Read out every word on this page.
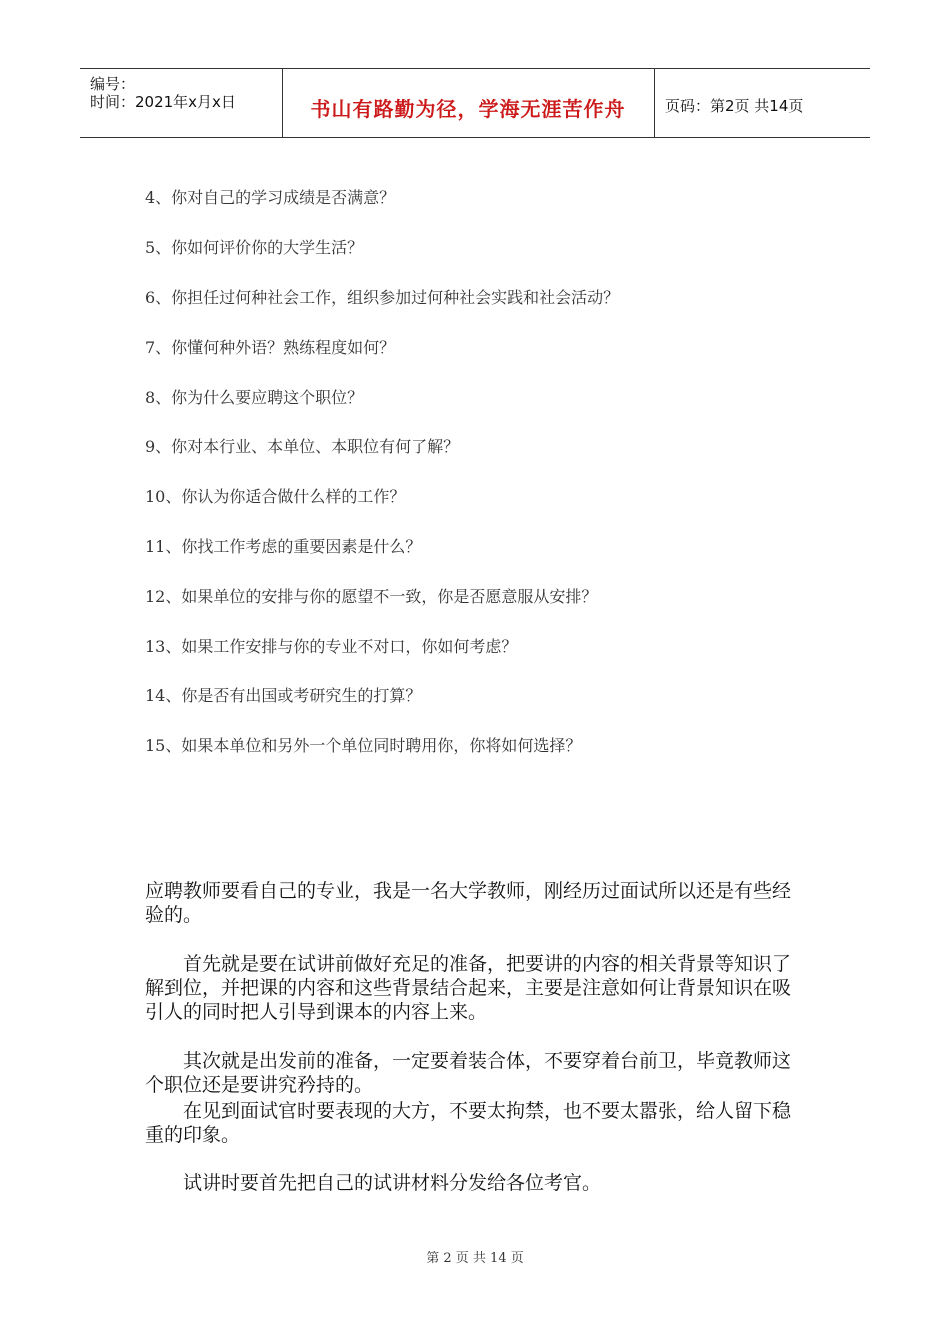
编号：
时间：2021年x月x日	书山有路勤为径，学海无涯苦作舟	页码：第2页 共14页
4、你对自己的学习成绩是否满意？
5、你如何评价你的大学生活？
6、你担任过何种社会工作，组织参加过何种社会实践和社会活动？
7、你懂何种外语？熟练程度如何？
8、你为什么要应聘这个职位？
9、你对本行业、本单位、本职位有何了解？
10、你认为你适合做什么样的工作？
11、你找工作考虑的重要因素是什么？
12、如果单位的安排与你的愿望不一致，你是否愿意服从安排？
13、如果工作安排与你的专业不对口，你如何考虑？
14、你是否有出国或考研究生的打算？
15、如果本单位和另外一个单位同时聘用你，你将如何选择？
应聘教师要看自己的专业，我是一名大学教师，刚经历过面试所以还是有些经验的。
首先就是要在试讲前做好充足的准备，把要讲的内容的相关背景等知识了解到位，并把课的内容和这些背景结合起来，主要是注意如何让背景知识在吸引人的同时把人引导到课本的内容上来。
其次就是出发前的准备，一定要着装合体，不要穿着台前卫，毕竟教师这个职位还是要讲究矜持的。
在见到面试官时要表现的大方，不要太拘禁，也不要太嚣张，给人留下稳重的印象。
试讲时要首先把自己的试讲材料分发给各位考官。
第 2 页 共 14 页
